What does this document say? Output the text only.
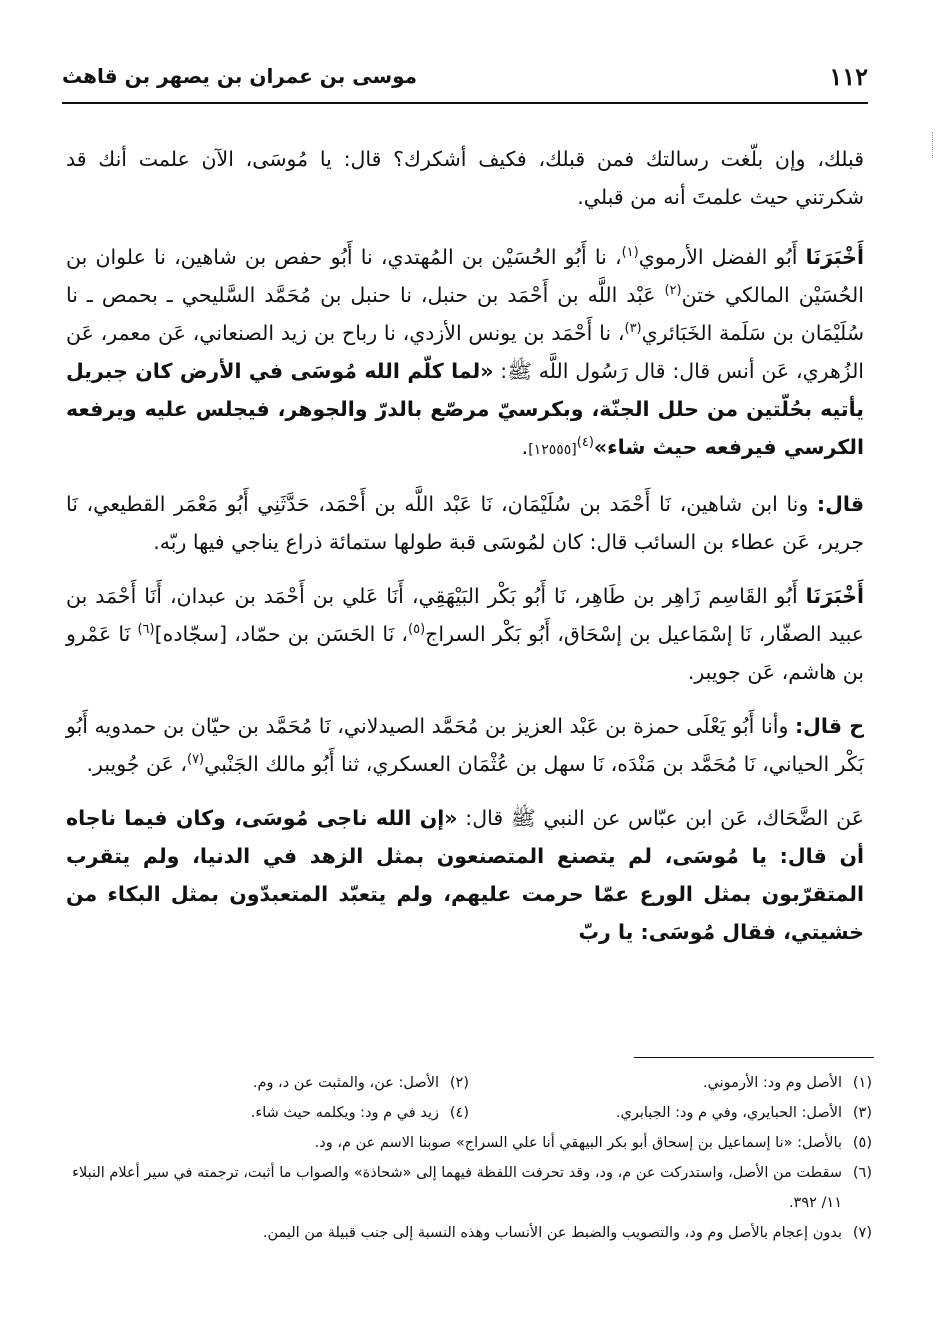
١١٢
موسى بن عمران بن يصهر بن قاهث

قبلك، وإن بلّغت رسالتك فمن قبلك، فكيف أشكرك؟ قال: يا مُوسَى، الآن علمت أنك قد شكرتني حيث علمتَ أنه من قبلي.

أَخْبَرَنَا أَبُو الفضل الأرموي$^{(١)}$، نا أَبُو الحُسَيْن بن المُهتدي، نا أَبُو حفص بن شاهين، نا علوان بن الحُسَيْن المالكي ختن$^{(٢)}$ عَبْد اللَّه بن أَحْمَد بن حنبل، نا حنبل بن مُحَمَّد السَّليحي ـ بحمص ـ نا سُلَيْمَان بن سَلَمة الخَبَائري$^{(٣)}$، نا أَحْمَد بن يونس الأزدي، نا رباح بن زيد الصنعاني، عَن معمر، عَن الزُهري، عَن أنس قال: قال رَسُول اللَّه ﷺ: «لما كلّم الله مُوسَى في الأرض كان جبريل يأتيه بحُلّتين من حلل الجنّة، وبكرسيّ مرصّع بالدرّ والجوهر، فيجلس عليه ويرفعه الكرسي فيرفعه حيث شاء»$^{(٤)}$[١٢٥٥٥].

قال: ونا ابن شاهين، نَا أَحْمَد بن سُلَيْمَان، نَا عَبْد اللَّه بن أَحْمَد، حَدَّثَنِي أَبُو مَعْمَر القطيعي، نَا جرير، عَن عطاء بن السائب قال: كان لمُوسَى قبة طولها ستمائة ذراع يناجي فيها ربّه.

أَخْبَرَنَا أَبُو القَاسِم زَاهِر بن طَاهِر، نَا أَبُو بَكْر البَيْهَقِي، أَنَا عَلي بن أَحْمَد بن عبدان، أَنَا أَحْمَد بن عبيد الصفّار، نَا إسْمَاعيل بن إسْحَاق، أَبُو بَكْر السراج$^{(٥)}$، نَا الحَسَن بن حمّاد، [سجّاده]$^{(٦)}$ نَا عَمْرو بن هاشم، عَن جويبر.

ح قال: وأنا أَبُو يَعْلَى حمزة بن عَبْد العزيز بن مُحَمَّد الصيدلاني، نَا مُحَمَّد بن حيّان بن حمدويه أَبُو بَكْر الحياني، نَا مُحَمَّد بن مَنْدَه، نَا سهل بن عُثْمَان العسكري، ثنا أَبُو مالك الجَنْبي$^{(٧)}$، عَن جُويبر.

عَن الضَّحَاك، عَن ابن عبّاس عن النبي ﷺ قال: «إن الله ناجى مُوسَى، وكان فيما ناجاه أن قال: يا مُوسَى، لم يتصنع المتصنعون بمثل الزهد في الدنيا، ولم يتقرب المتقرّبون بمثل الورع عمّا حرمت عليهم، ولم يتعبّد المتعبدّون بمثل البكاء من خشيتي، فقال مُوسَى: يا ربّ

(١)
الأصل وم ود: الأرموني.
(٢)
الأصل: عن، والمثبت عن د، وم.
(٣)
الأصل: الحبايري، وفي م ود: الجبابري.
(٤)
زيد في م ود: ويكلمه حيث شاء.
(٥)
بالأصل: «نا إسماعيل بن إسحاق أبو بكر البيهقي أنا علي السراج» صوبنا الاسم عن م، ود.
(٦)
سقطت من الأصل، واستدركت عن م، ود، وقد تحرفت اللفظة فيهما إلى «شحاذة» والصواب ما أثبت، ترجمته في سير أعلام النبلاء ١١/ ٣٩٢.
(٧)
بدون إعجام بالأصل وم ود، والتصويب والضبط عن الأنساب وهذه النسبة إلى جنب قبيلة من اليمن.
